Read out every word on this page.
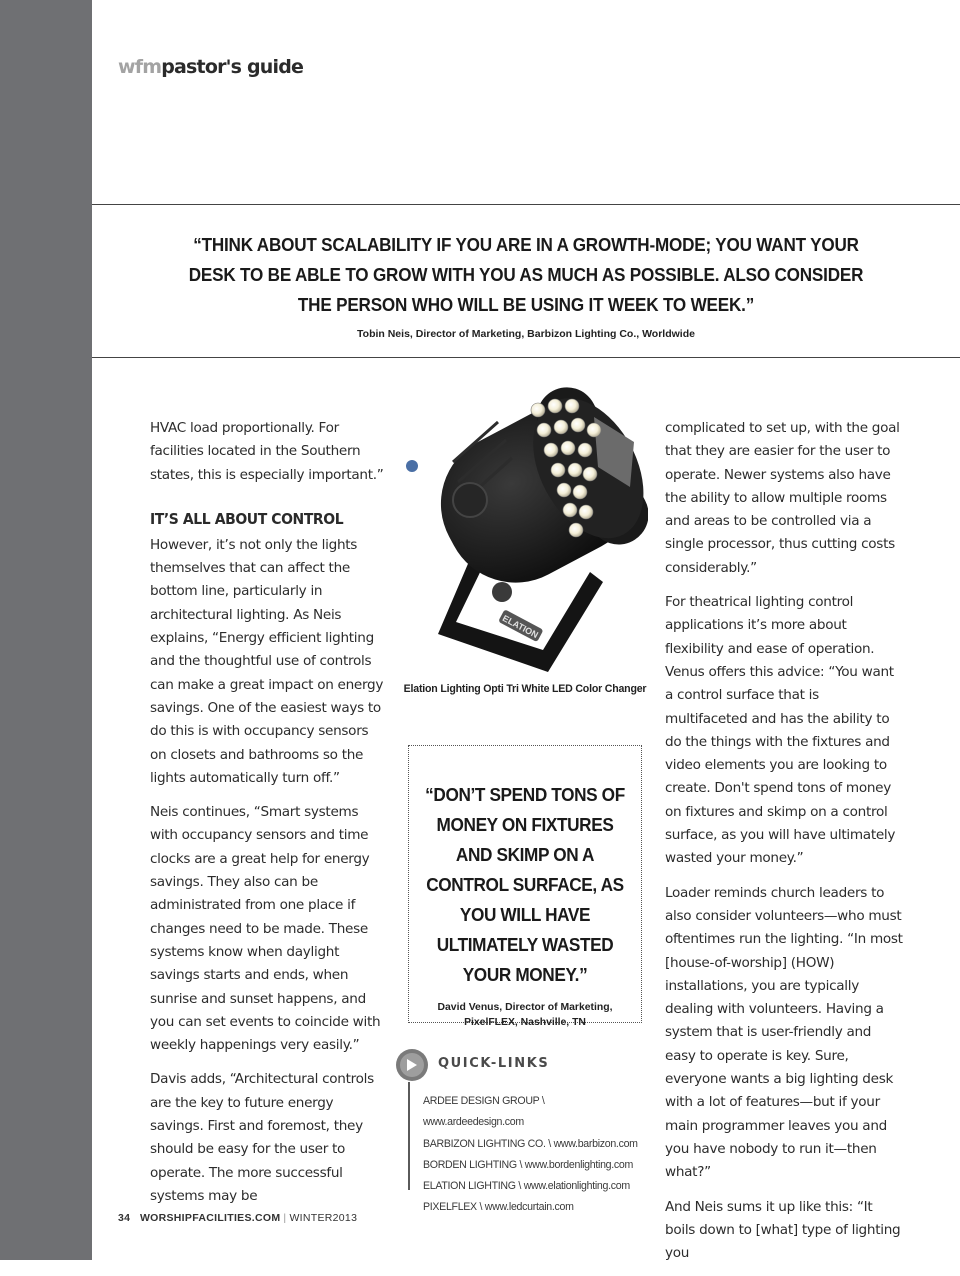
wfmpastor's guide
“THINK ABOUT SCALABILITY IF YOU ARE IN A GROWTH-MODE; YOU WANT YOUR DESK TO BE ABLE TO GROW WITH YOU AS MUCH AS POSSIBLE. ALSO CONSIDER THE PERSON WHO WILL BE USING IT WEEK TO WEEK.”
Tobin Neis, Director of Marketing, Barbizon Lighting Co., Worldwide

HVAC load proportionally. For facilities located in the Southern states, this is especially important.”

IT’S ALL ABOUT CONTROL

However, it’s not only the lights themselves that can affect the bottom line, particularly in architectural lighting. As Neis explains, “Energy efficient lighting and the thoughtful use of controls can make a great impact on energy savings. One of the easiest ways to do this is with occupancy sensors on closets and bathrooms so the lights automatically turn off.”

Neis continues, “Smart systems with occupancy sensors and time clocks are a great help for energy savings. They also can be administrated from one place if changes need to be made. These systems know when daylight savings starts and ends, when sunrise and sunset happens, and you can set events to coincide with weekly happenings very easily.”

Davis adds, “Architectural controls are the key to future energy savings. First and foremost, they should be easy for the user to operate. The more successful systems may be

ELATION
Elation Lighting Opti Tri White LED Color Changer
“DON’T SPEND TONS OF MONEY ON FIXTURES AND SKIMP ON A CONTROL SURFACE, AS YOU WILL HAVE ULTIMATELY WASTED YOUR MONEY.”
David Venus, Director of Marketing,
PixelFLEX, Nashville, TN
QUICK-LINKS
ARDEE DESIGN GROUP \ www.ardeedesign.com
BARBIZON LIGHTING CO. \ www.barbizon.com
BORDEN LIGHTING \ www.bordenlighting.com
ELATION LIGHTING \ www.elationlighting.com
PIXELFLEX \ www.ledcurtain.com

complicated to set up, with the goal that they are easier for the user to operate. Newer systems also have the ability to allow multiple rooms and areas to be controlled via a single processor, thus cutting costs considerably.”

For theatrical lighting control applications it’s more about flexibility and ease of operation. Venus offers this advice: “You want a control surface that is multifaceted and has the ability to do the things with the fixtures and video elements you are looking to create. Don't spend tons of money on fixtures and skimp on a control surface, as you will have ultimately wasted your money.”

Loader reminds church leaders to also consider volunteers—who must oftentimes run the lighting. “In most [house-of-worship] (HOW) installations, you are typically dealing with volunteers. Having a system that is user-friendly and easy to operate is key. Sure, everyone wants a big lighting desk with a lot of features—but if your main programmer leaves you and you have nobody to run it—then what?”

And Neis sums it up like this: “It boils down to [what] type of lighting you

34 WORSHIPFACILITIES.COM | WINTER2013
